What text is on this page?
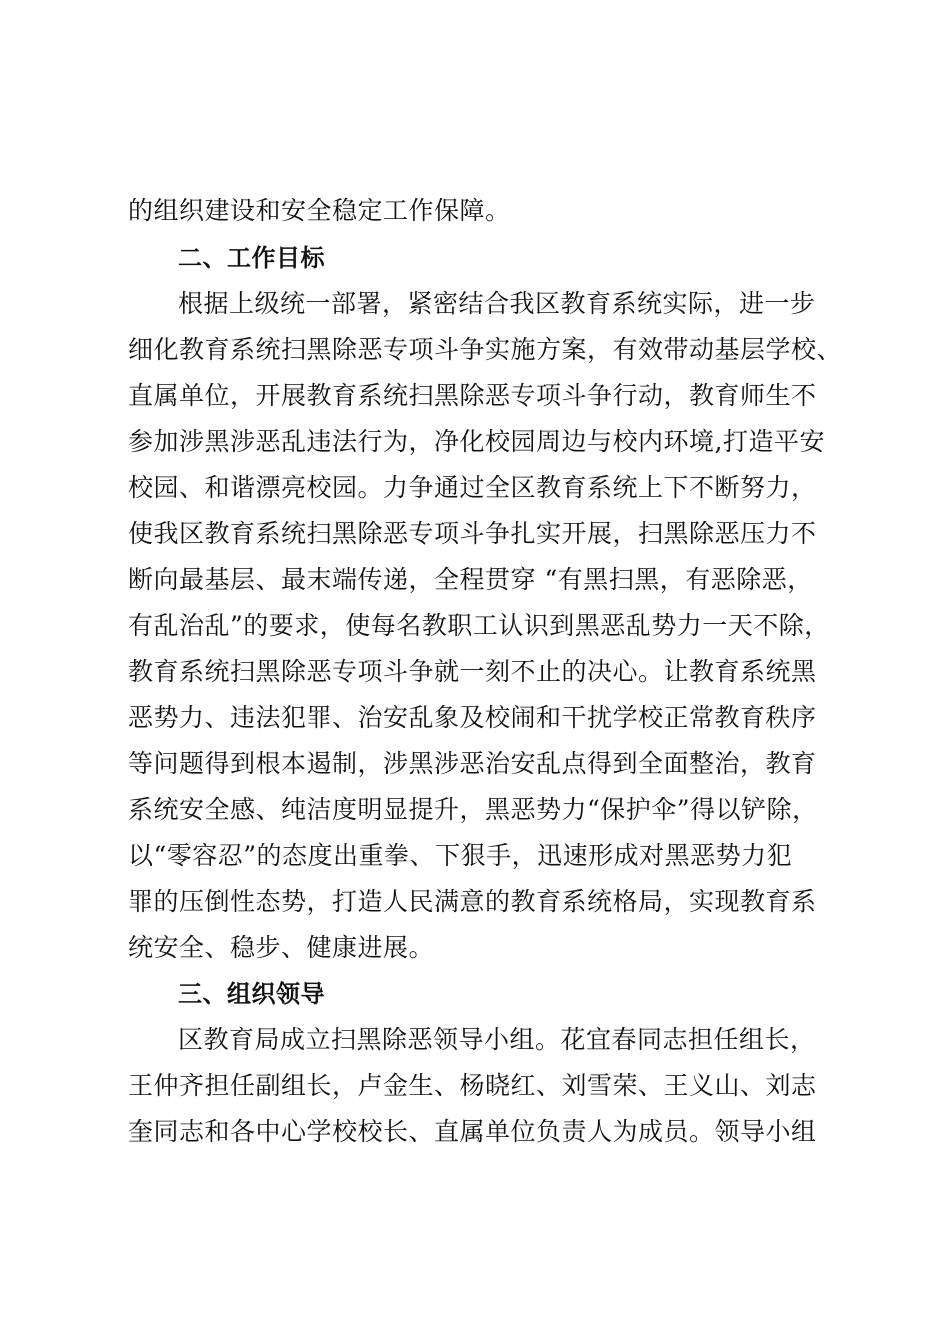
的组织建设和安全稳定工作保障。
二、工作目标
根据上级统一部署，紧密结合我区教育系统实际，进一步
细化教育系统扫黑除恶专项斗争实施方案，有效带动基层学校、
直属单位，开展教育系统扫黑除恶专项斗争行动，教育师生不
参加涉黑涉恶乱违法行为，净化校园周边与校内环境,打造平安
校园、和谐漂亮校园。力争通过全区教育系统上下不断努力，
使我区教育系统扫黑除恶专项斗争扎实开展，扫黑除恶压力不
断向最基层、最末端传递，全程贯穿 “有黑扫黑，有恶除恶，
有乱治乱”的要求，使每名教职工认识到黑恶乱势力一天不除，
教育系统扫黑除恶专项斗争就一刻不止的决心。让教育系统黑
恶势力、违法犯罪、治安乱象及校闹和干扰学校正常教育秩序
等问题得到根本遏制，涉黑涉恶治安乱点得到全面整治，教育
系统安全感、纯洁度明显提升，黑恶势力“保护伞”得以铲除，
以“零容忍”的态度出重拳、下狠手，迅速形成对黑恶势力犯
罪的压倒性态势，打造人民满意的教育系统格局，实现教育系
统安全、稳步、健康进展。
三、组织领导
区教育局成立扫黑除恶领导小组。花宜春同志担任组长，
王仲齐担任副组长，卢金生、杨晓红、刘雪荣、王义山、刘志
奎同志和各中心学校校长、直属单位负责人为成员。领导小组
